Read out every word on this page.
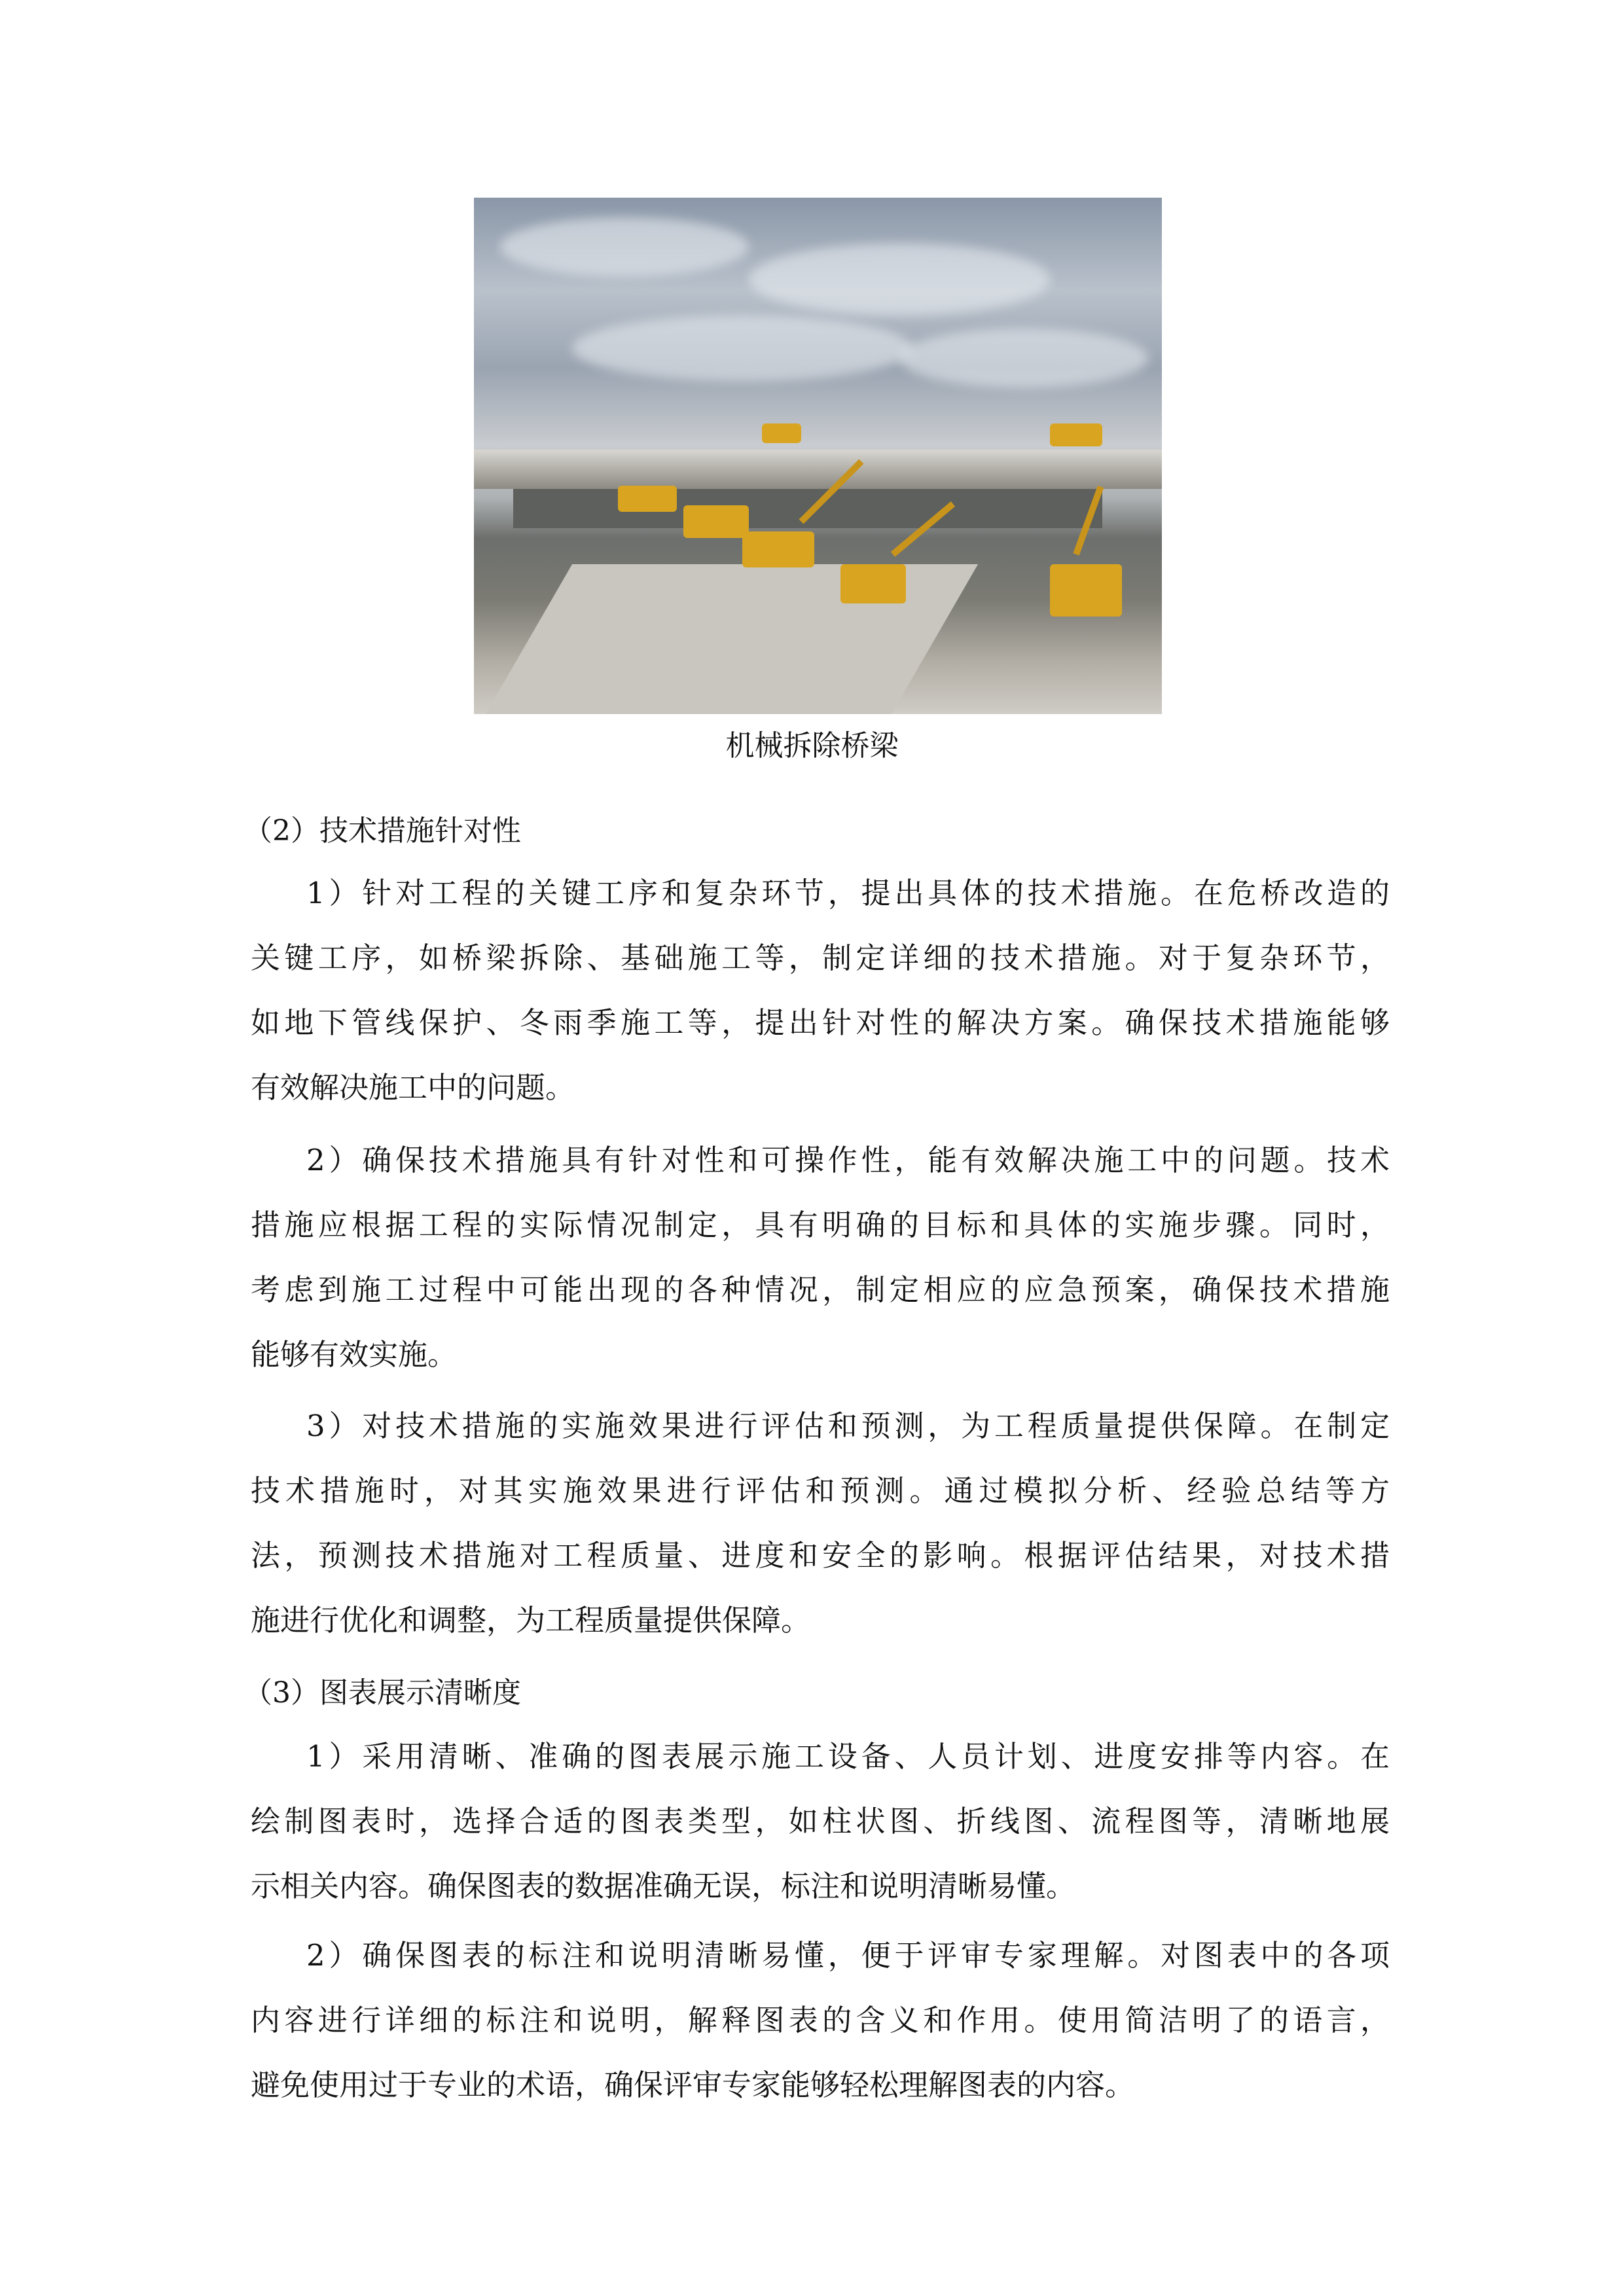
机械拆除桥梁
（2）技术措施针对性
1）针对工程的关键工序和复杂环节，提出具体的技术措施。在危桥改造的
关键工序，如桥梁拆除、基础施工等，制定详细的技术措施。对于复杂环节，
如地下管线保护、冬雨季施工等，提出针对性的解决方案。确保技术措施能够
有效解决施工中的问题。
2）确保技术措施具有针对性和可操作性，能有效解决施工中的问题。技术
措施应根据工程的实际情况制定，具有明确的目标和具体的实施步骤。同时，
考虑到施工过程中可能出现的各种情况，制定相应的应急预案，确保技术措施
能够有效实施。
3）对技术措施的实施效果进行评估和预测，为工程质量提供保障。在制定
技术措施时，对其实施效果进行评估和预测。通过模拟分析、经验总结等方
法，预测技术措施对工程质量、进度和安全的影响。根据评估结果，对技术措
施进行优化和调整，为工程质量提供保障。
（3）图表展示清晰度
1）采用清晰、准确的图表展示施工设备、人员计划、进度安排等内容。在
绘制图表时，选择合适的图表类型，如柱状图、折线图、流程图等，清晰地展
示相关内容。确保图表的数据准确无误，标注和说明清晰易懂。
2）确保图表的标注和说明清晰易懂，便于评审专家理解。对图表中的各项
内容进行详细的标注和说明，解释图表的含义和作用。使用简洁明了的语言，
避免使用过于专业的术语，确保评审专家能够轻松理解图表的内容。
